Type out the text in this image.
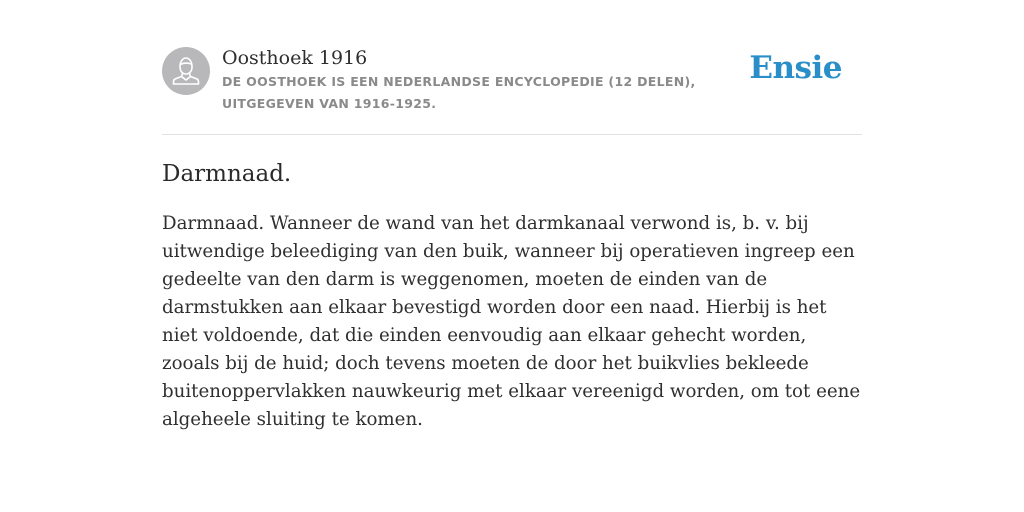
Oosthoek 1916

DE OOSTHOEK IS EEN NEDERLANDSE ENCYCLOPEDIE (12 DELEN), UITGEGEVEN VAN 1916-1925.
Ensie
Darmnaad.

Darmnaad. Wanneer de wand van het darmkanaal verwond is, b. v. bij uitwendige beleediging van den buik, wanneer bij operatieven ingreep een gedeelte van den darm is weggenomen, moeten de einden van de darmstukken aan elkaar bevestigd worden door een naad. Hierbij is het niet voldoende, dat die einden eenvoudig aan elkaar gehecht worden, zooals bij de huid; doch tevens moeten de door het buikvlies bekleede buitenoppervlakken nauwkeurig met elkaar vereenigd worden, om tot eene algeheele sluiting te komen.
